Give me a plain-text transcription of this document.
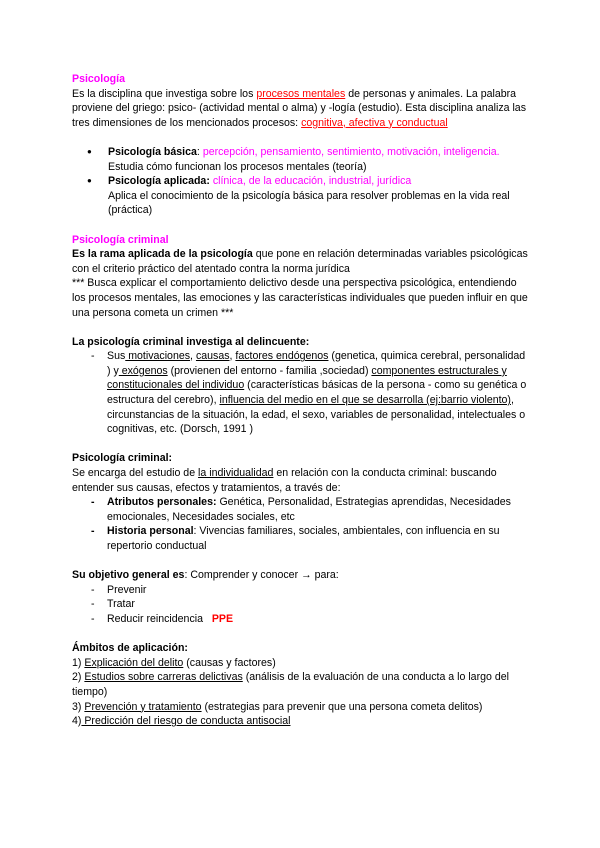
Psicología

Es la disciplina que investiga sobre los procesos mentales de personas y animales. La palabra proviene del griego: psico- (actividad mental o alma) y -logía (estudio). Esta disciplina analiza las tres dimensiones de los mencionados procesos: cognitiva, afectiva y conductual

● Psicología básica: percepción, pensamiento, sentimiento, motivación, inteligencia.
Estudia cómo funcionan los procesos mentales (teoría)
● Psicología aplicada: clínica, de la educación, industrial, jurídica
Aplica el conocimiento de la psicología básica para resolver problemas en la vida real (práctica)

Psicología criminal

Es la rama aplicada de la psicología que pone en relación determinadas variables psicológicas con el criterio práctico del atentado contra la norma jurídica

*** Busca explicar el comportamiento delictivo desde una perspectiva psicológica, entendiendo los procesos mentales, las emociones y las características individuales que pueden influir en que una persona cometa un crimen ***

La psicología criminal investiga al delincuente:

- Sus motivaciones, causas, factores endógenos (genetica, quimica cerebral, personalidad ) y exógenos (provienen del entorno - familia ,sociedad) componentes estructurales y constitucionales del individuo (características básicas de la persona - como su genética o estructura del cerebro), influencia del medio en el que se desarrolla (ej:barrio violento), circunstancias de la situación, la edad, el sexo, variables de personalidad, intelectuales o cognitivas, etc. (Dorsch, 1991 )

Psicología criminal:

Se encarga del estudio de la individualidad en relación con la conducta criminal: buscando entender sus causas, efectos y tratamientos, a través de:

- Atributos personales: Genética, Personalidad, Estrategias aprendidas, Necesidades emocionales, Necesidades sociales, etc
- Historia personal: Vivencias familiares, sociales, ambientales, con influencia en su repertorio conductual

Su objetivo general es: Comprender y conocer → para:

- Prevenir
- Tratar
- Reducir reincidencia PPE

Ámbitos de aplicación:

1) Explicación del delito (causas y factores)

2) Estudios sobre carreras delictivas (análisis de la evaluación de una conducta a lo largo del tiempo)

3) Prevención y tratamiento (estrategias para prevenir que una persona cometa delitos)

4) Predicción del riesgo de conducta antisocial
